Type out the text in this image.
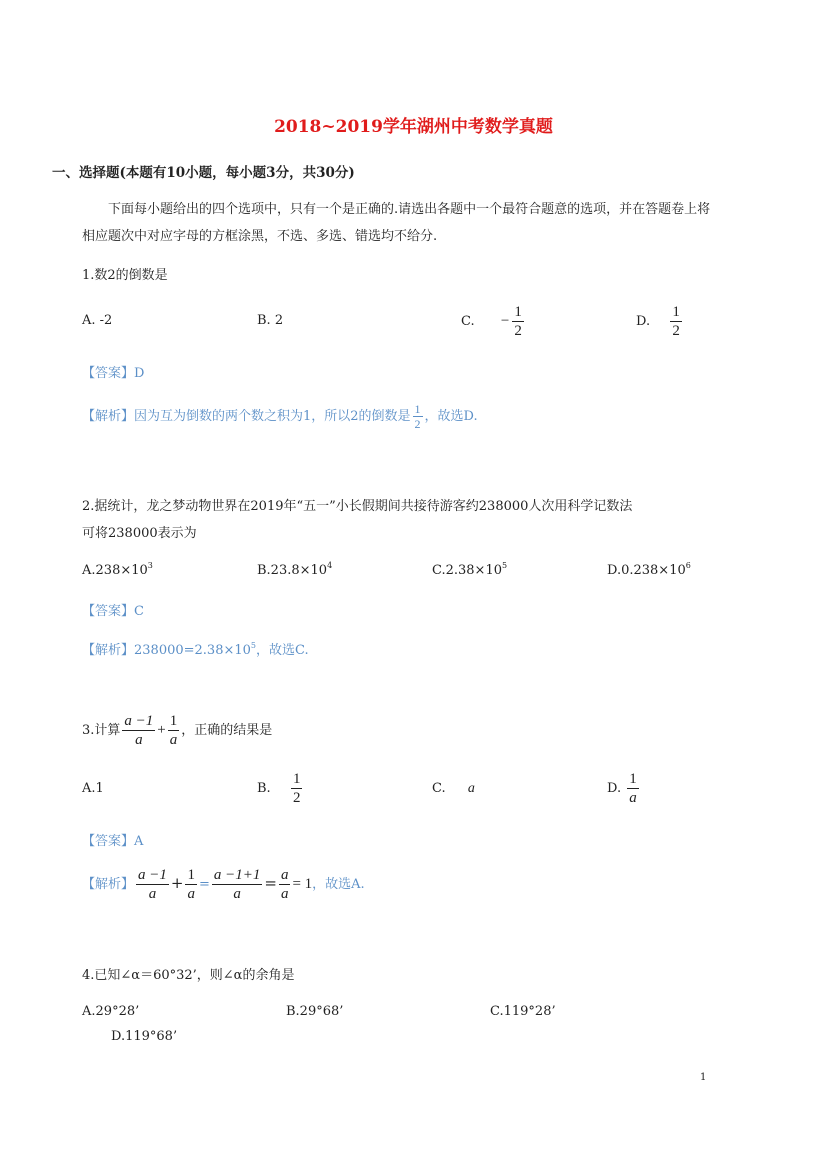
2018~2019学年湖州中考数学真题
一、选择题(本题有10小题，每小题3分，共30分)
下面每小题给出的四个选项中，只有一个是正确的.请选出各题中一个最符合题意的选项，并在答题卷上将相应题次中对应字母的方框涂黑，不选、多选、错选均不给分.
1.数2的倒数是
A. -2	B. 2	C. − $\frac{1}{2}$	D. $\frac{1}{2}$
【答案】D
【解析】因为互为倒数的两个数之积为1，所以2的倒数是 $\frac{1}{2}$ ，故选D.
2.据统计，龙之梦动物世界在2019年“五一”小长假期间共接待游客约238000人次用科学记数法
可将238000表示为
$A.238\times 10^3$	$B.23.8\times 10^4$	$C.2.38\times 10^5$	$D.0.238\times 10^6$
【答案】C
【解析】$238000=2.38\times 10^5$，故选C.
3.计算 $\frac{a -1}{a} + \frac{1}{a}$ ，正确的结果是
A.1	B. $\frac{1}{2}$	C. a	D. $\frac{1}{a}$
【答案】A
【解析】 $\frac{a -1}{a} + \frac{1}{a} = \frac{a -1+1}{a} = \frac{a}{a} = 1$，故选A.
4.已知∠α＝60°32’，则∠α的余角是
A.29°28’	B.29°68’	C.119°28’
D.119°68’
1
